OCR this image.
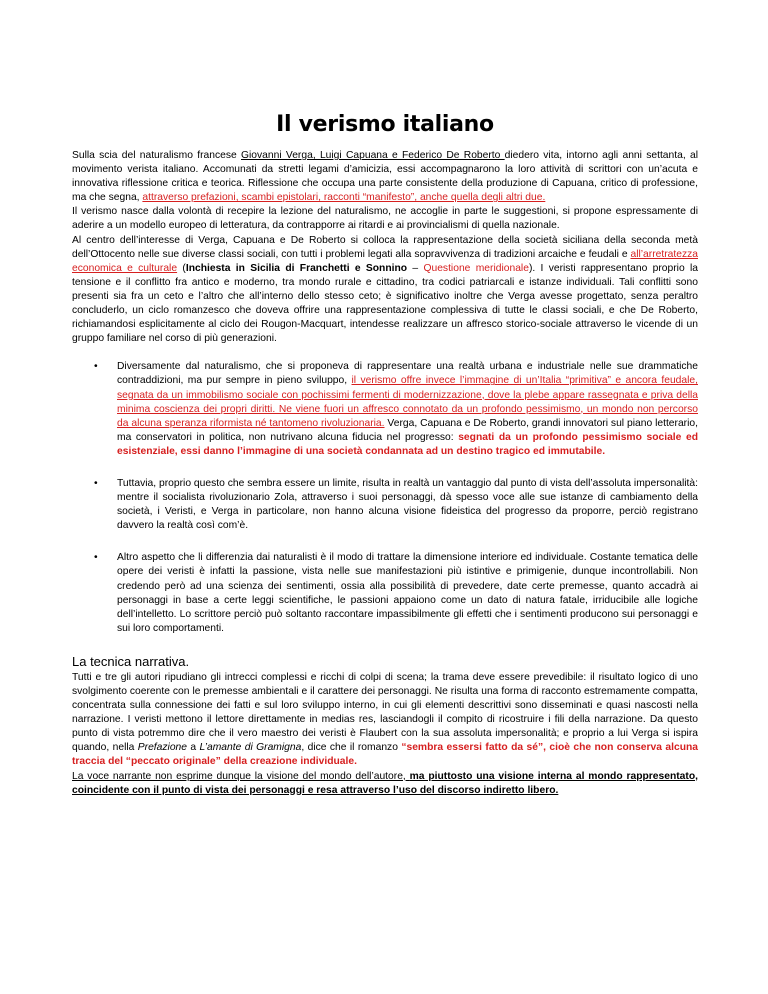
Il verismo italiano

Sulla scia del naturalismo francese Giovanni Verga, Luigi Capuana e Federico De Roberto diedero vita, intorno agli anni settanta, al movimento verista italiano. Accomunati da stretti legami d’amicizia, essi accompagnarono la loro attività di scrittori con un’acuta e innovativa riflessione critica e teorica. Riflessione che occupa una parte consistente della produzione di Capuana, critico di professione, ma che segna, attraverso prefazioni, scambi epistolari, racconti “manifesto”, anche quella degli altri due.

Il verismo nasce dalla volontà di recepire la lezione del naturalismo, ne accoglie in parte le suggestioni, si propone espressamente di aderire a un modello europeo di letteratura, da contrapporre ai ritardi e ai provincialismi di quella nazionale.

Al centro dell’interesse di Verga, Capuana e De Roberto si colloca la rappresentazione della società siciliana della seconda metà dell’Ottocento nelle sue diverse classi sociali, con tutti i problemi legati alla sopravvivenza di tradizioni arcaiche e feudali e all’arretratezza economica e culturale (Inchiesta in Sicilia di Franchetti e Sonnino – Questione meridionale). I veristi rappresentano proprio la tensione e il conflitto fra antico e moderno, tra mondo rurale e cittadino, tra codici patriarcali e istanze individuali. Tali conflitti sono presenti sia fra un ceto e l’altro che all’interno dello stesso ceto; è significativo inoltre che Verga avesse progettato, senza peraltro concluderlo, un ciclo romanzesco che doveva offrire una rappresentazione complessiva di tutte le classi sociali, e che De Roberto, richiamandosi esplicitamente al ciclo dei Rougon-Macquart, intendesse realizzare un affresco storico-sociale attraverso le vicende di un gruppo familiare nel corso di più generazioni.

• Diversamente dal naturalismo, che si proponeva di rappresentare una realtà urbana e industriale nelle sue drammatiche contraddizioni, ma pur sempre in pieno sviluppo, il verismo offre invece l’immagine di un’Italia “primitiva” e ancora feudale, segnata da un immobilismo sociale con pochissimi fermenti di modernizzazione, dove la plebe appare rassegnata e priva della minima coscienza dei propri diritti. Ne viene fuori un affresco connotato da un profondo pessimismo, un mondo non percorso da alcuna speranza riformista né tantomeno rivoluzionaria. Verga, Capuana e De Roberto, grandi innovatori sul piano letterario, ma conservatori in politica, non nutrivano alcuna fiducia nel progresso: segnati da un profondo pessimismo sociale ed esistenziale, essi danno l’immagine di una società condannata ad un destino tragico ed immutabile.
• Tuttavia, proprio questo che sembra essere un limite, risulta in realtà un vantaggio dal punto di vista dell’assoluta impersonalità: mentre il socialista rivoluzionario Zola, attraverso i suoi personaggi, dà spesso voce alle sue istanze di cambiamento della società, i Veristi, e Verga in particolare, non hanno alcuna visione fideistica del progresso da proporre, perciò registrano davvero la realtà così com’è.
• Altro aspetto che li differenzia dai naturalisti è il modo di trattare la dimensione interiore ed individuale. Costante tematica delle opere dei veristi è infatti la passione, vista nelle sue manifestazioni più istintive e primigenie, dunque incontrollabili. Non credendo però ad una scienza dei sentimenti, ossia alla possibilità di prevedere, date certe premesse, quanto accadrà ai personaggi in base a certe leggi scientifiche, le passioni appaiono come un dato di natura fatale, irriducibile alle logiche dell’intelletto. Lo scrittore perciò può soltanto raccontare impassibilmente gli effetti che i sentimenti producono sui personaggi e sui loro comportamenti.
La tecnica narrativa.

Tutti e tre gli autori ripudiano gli intrecci complessi e ricchi di colpi di scena; la trama deve essere prevedibile: il risultato logico di uno svolgimento coerente con le premesse ambientali e il carattere dei personaggi. Ne risulta una forma di racconto estremamente compatta, concentrata sulla connessione dei fatti e sul loro sviluppo interno, in cui gli elementi descrittivi sono disseminati e quasi nascosti nella narrazione. I veristi mettono il lettore direttamente in medias res, lasciandogli il compito di ricostruire i fili della narrazione. Da questo punto di vista potremmo dire che il vero maestro dei veristi è Flaubert con la sua assoluta impersonalità; e proprio a lui Verga si ispira quando, nella Prefazione a L’amante di Gramigna, dice che il romanzo “sembra essersi fatto da sé”, cioè che non conserva alcuna traccia del “peccato originale” della creazione individuale.

La voce narrante non esprime dunque la visione del mondo dell’autore, ma piuttosto una visione interna al mondo rappresentato, coincidente con il punto di vista dei personaggi e resa attraverso l’uso del discorso indiretto libero.
